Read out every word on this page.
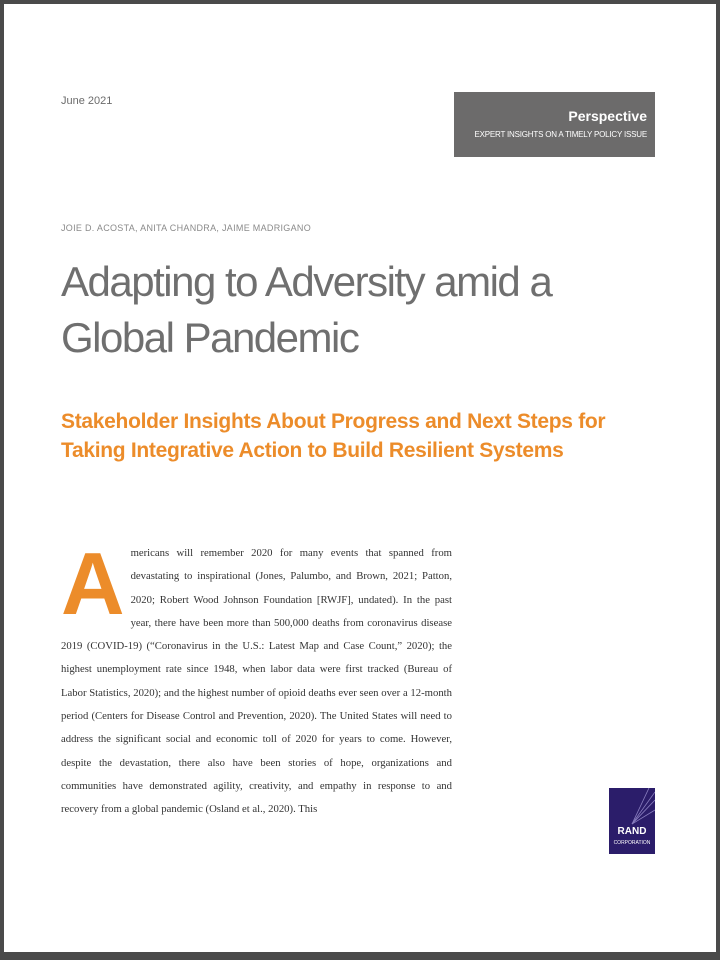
June 2021
Perspective
EXPERT INSIGHTS ON A TIMELY POLICY ISSUE
JOIE D. ACOSTA, ANITA CHANDRA, JAIME MADRIGANO
Adapting to Adversity amid a Global Pandemic
Stakeholder Insights About Progress and Next Steps for Taking Integrative Action to Build Resilient Systems
Americans will remember 2020 for many events that spanned from devastating to inspirational (Jones, Palumbo, and Brown, 2021; Patton, 2020; Robert Wood Johnson Foundation [RWJF], undated). In the past year, there have been more than 500,000 deaths from coronavirus disease 2019 (COVID-19) (“Coronavirus in the U.S.: Latest Map and Case Count,” 2020); the highest unemployment rate since 1948, when labor data were first tracked (Bureau of Labor Statistics, 2020); and the highest number of opioid deaths ever seen over a 12-month period (Centers for Disease Control and Prevention, 2020). The United States will need to address the significant social and economic toll of 2020 for years to come. However, despite the devastation, there also have been stories of hope, organizations and communities have demonstrated agility, creativity, and empathy in response to and recovery from a global pandemic (Osland et al., 2020). This
RAND
CORPORATION
